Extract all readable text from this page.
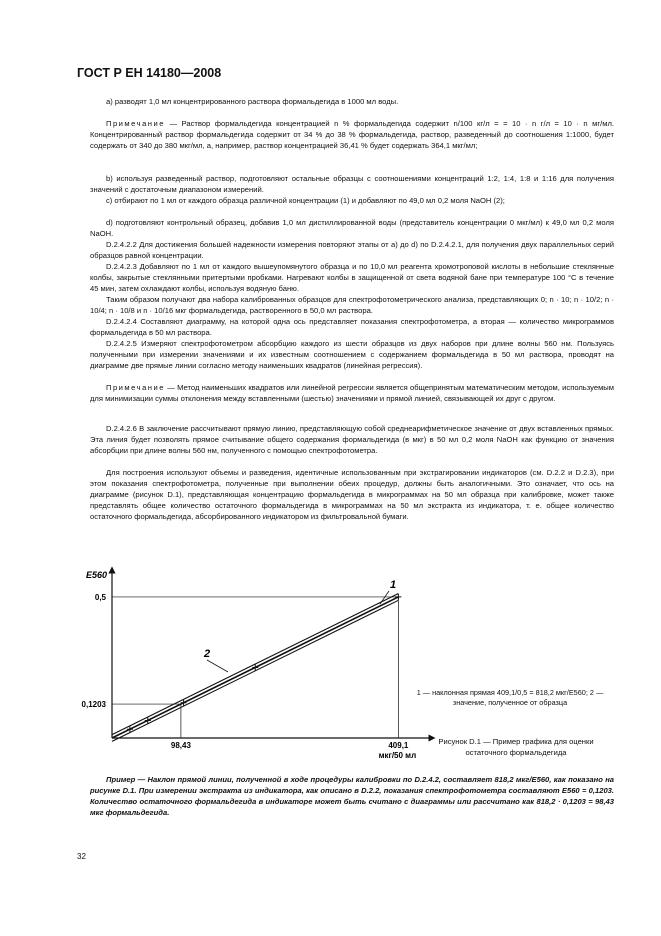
ГОСТ Р ЕН 14180—2008
а) разводят 1,0 мл концентрированного раствора формальдегида в 1000 мл воды.
Примечание — Раствор формальдегида концентрацией n % формальдегида содержит n/100 кг/л = = 10 · n г/л = 10 · n мг/мл. Концентрированный раствор формальдегида содержит от 34 % до 38 % формальдегида, раствор, разведенный до соотношения 1:1000, будет содержать от 340 до 380 мкг/мл, а, например, раствор концентрацией 36,41 % будет содержать 364,1 мкг/мл;
b) используя разведенный раствор, подготовляют остальные образцы с соотношениями концентраций 1:2, 1:4, 1:8 и 1:16 для получения значений с достаточным диапазоном измерений.
c) отбирают по 1 мл от каждого образца различной концентрации (1) и добавляют по 49,0 мл 0,2 моля NaOH (2);
d) подготовляют контрольный образец, добавив 1,0 мл дистиллированной воды (представитель концентрации 0 мкг/мл) к 49,0 мл 0,2 моля NaOH.
D.2.4.2.2 Для достижения большей надежности измерения повторяют этапы от а) до d) по D.2.4.2.1, для получения двух параллельных серий образцов равной концентрации.
D.2.4.2.3 Добавляют по 1 мл от каждого вышеупомянутого образца и по 10,0 мл реагента хромотроповой кислоты в небольшие стеклянные колбы, закрытые стеклянными притертыми пробками. Нагревают колбы в защищенной от света водяной бане при температуре 100 °С в течение 45 мин, затем охлаждают колбы, используя водяную баню.
Таким образом получают два набора калиброванных образцов для спектрофотометрического анализа, представляющих 0; n · 10; n · 10/2; n · 10/4; n · 10/8 и n · 10/16 мкг формальдегида, растворенного в 50,0 мл раствора.
D.2.4.2.4 Составляют диаграмму, на которой одна ось представляет показания спектрофотометра, а вторая — количество микрограммов формальдегида в 50 мл раствора.
D.2.4.2.5 Измеряют спектрофотометром абсорбцию каждого из шести образцов из двух наборов при длине волны 560 нм. Пользуясь полученными при измерении значениями и их известным соотношением с содержанием формальдегида в 50 мл раствора, проводят на диаграмме две прямые линии согласно методу наименьших квадратов (линейная регрессия).
Примечание — Метод наименьших квадратов или линейной регрессии является общепринятым математическим методом, используемым для минимизации суммы отклонения между вставленными (шестью) значениями и прямой линией, связывающей их друг с другом.
D.2.4.2.6 В заключение рассчитывают прямую линию, представляющую собой среднеарифметическое значение от двух вставленных прямых. Эта линия будет позволять прямое считывание общего содержания формальдегида (в мкг) в 50 мл 0,2 моля NaOH как функцию от значения абсорбции при длине волны 560 нм, полученного с помощью спектрофотометра.
Для построения используют объемы и разведения, идентичные использованным при экстрагировании индикаторов (см. D.2.2 и D.2.3), при этом показания спектрофотометра, полученные при выполнении обеих процедур, должны быть аналогичными. Это означает, что ось на диаграмме (рисунок D.1), представляющая концентрацию формальдегида в микрограммах на 50 мл образца при калибровке, может также представлять общее количество остаточного формальдегида в микрограммах на 50 мл экстракта из индикатора, т. е. общее количество остаточного формальдегида, абсорбированного индикатором из фильтровальной бумаги.
0,5
0,1203
98,43	409,1
мкг/50 мл
E560
1
2
1 — наклонная прямая 409,1/0,5 = 818,2 мкг/E560; 2 — значение, полученное от образца
Рисунок D.1 — Пример графика для оценки остаточного формальдегида
Пример — Наклон прямой линии, полученной в ходе процедуры калибровки по D.2.4.2, составляет 818,2 мкг/E560, как показано на рисунке D.1. При измерении экстракта из индикатора, как описано в D.2.2, показания спектрофотометра составляют E560 = 0,1203. Количество остаточного формальдегида в индикаторе может быть считано с диаграммы или рассчитано как 818,2 · 0,1203 = 98,43 мкг формальдегида.
32
